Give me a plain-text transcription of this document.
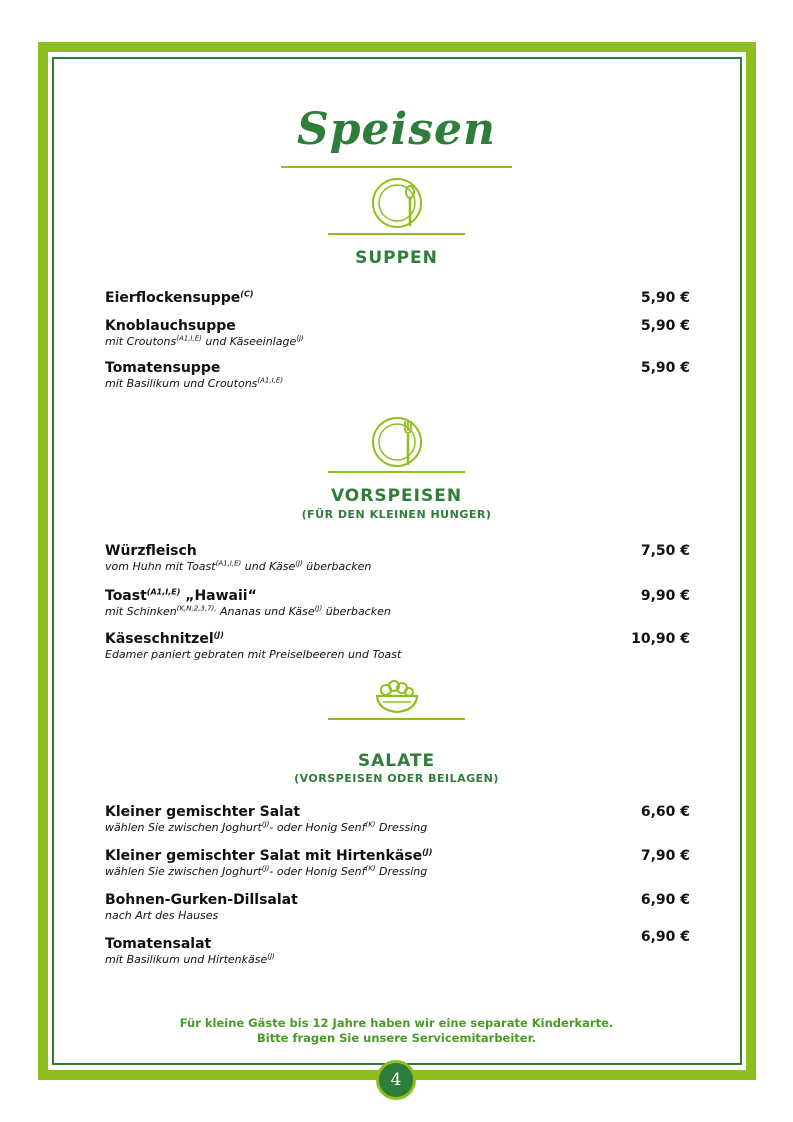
Speisen
SUPPEN
Eierflockensuppe$^{(C)}$	5,90 €
Knoblauchsuppe
mit Croutons$^{(A1,I,E)}$ und Käseeinlage$^{(J)}$
5,90 €
Tomatensuppe
mit Basilikum und Croutons$^{(A1,I,E)}$
5,90 €
VORSPEISEN
(FÜR DEN KLEINEN HUNGER)
Würzfleisch
vom Huhn mit Toast$^{(A1,I,E)}$ und Käse$^{(J)}$ überbacken
7,50 €
Toast$^{(A1,I,E)}$ „Hawaii“
mit Schinken$^{(K,N,2,3,7),}$ Ananas und Käse$^{(J)}$ überbacken
9,90 €
Käseschnitzel$^{(J)}$
Edamer paniert gebraten mit Preiselbeeren und Toast
10,90 €
SALATE
(VORSPEISEN ODER BEILAGEN)
Kleiner gemischter Salat
wählen Sie zwischen Joghurt$^{(J)}$- oder Honig Senf$^{(K)}$ Dressing
6,60 €
Kleiner gemischter Salat mit Hirtenkäse$^{(J)}$
wählen Sie zwischen Joghurt$^{(J)}$- oder Honig Senf$^{(K)}$ Dressing
7,90 €
Bohnen-Gurken-Dillsalat
nach Art des Hauses
6,90 €
Tomatensalat
mit Basilikum und Hirtenkäse$^{(J)}$
6,90 €
Für kleine Gäste bis 12 Jahre haben wir eine separate Kinderkarte.
Bitte fragen Sie unsere Servicemitarbeiter.
4
